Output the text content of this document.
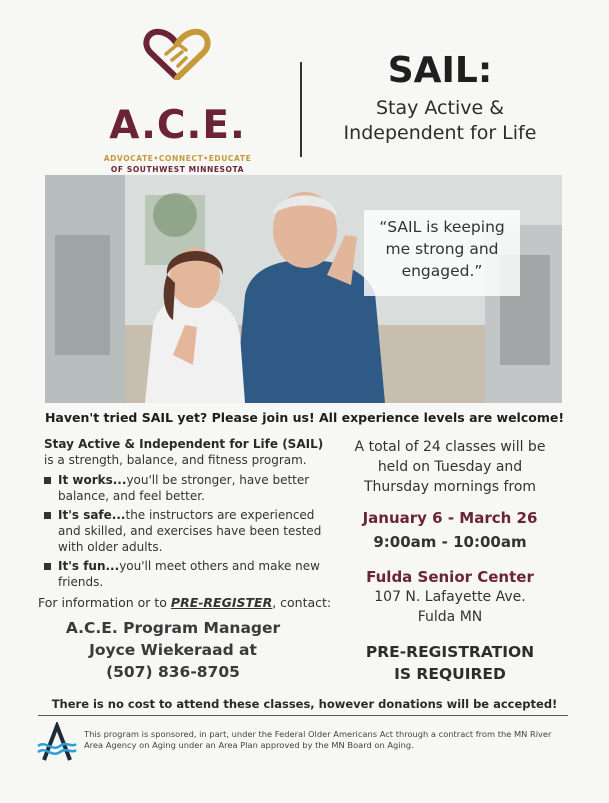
A.C.E.
ADVOCATE•CONNECT•EDUCATE
OF SOUTHWEST MINNESOTA
SAIL:
Stay Active &
Independent for Life
“SAIL is keeping
me strong and
engaged.”
Haven't tried SAIL yet? Please join us! All experience levels are welcome!
Stay Active & Independent for Life (SAIL) is a strength, balance, and fitness program.
It works...you'll be stronger, have better balance, and feel better.
It's safe...the instructors are experienced and skilled, and exercises have been tested with older adults.
It's fun...you'll meet others and make new friends.
For information or to PRE-REGISTER, contact:
A.C.E. Program Manager
Joyce Wiekeraad at
(507) 836-8705
A total of 24 classes will be
held on Tuesday and
Thursday mornings from
January 6 - March 26
9:00am - 10:00am
Fulda Senior Center
107 N. Lafayette Ave.
Fulda MN
PRE-REGISTRATION
IS REQUIRED
There is no cost to attend these classes, however donations will be accepted!
This program is sponsored, in part, under the Federal Older Americans Act through a contract from the MN River Area Agency on Aging under an Area Plan approved by the MN Board on Aging.
